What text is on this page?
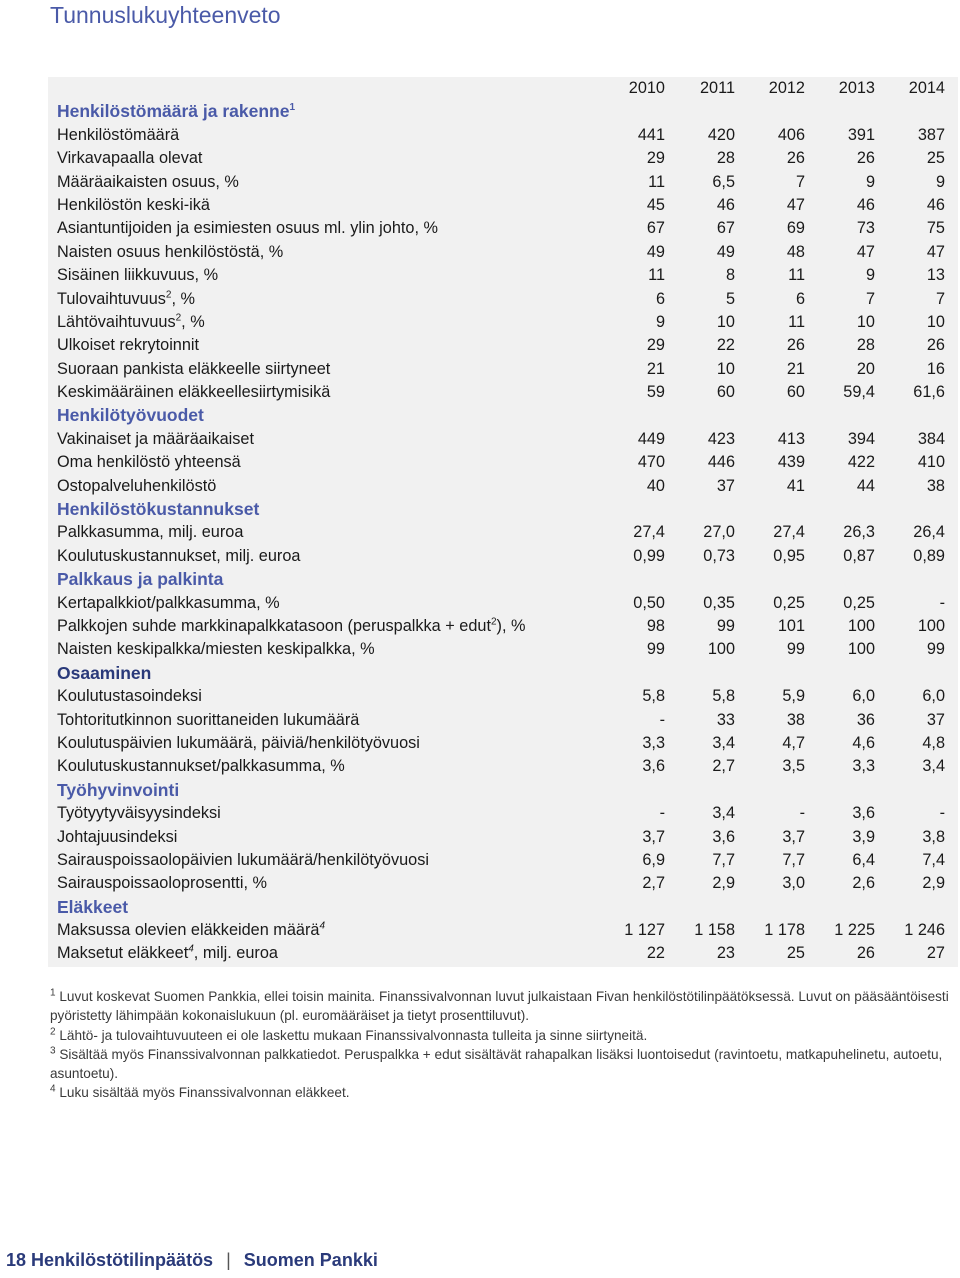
Tunnuslukuyhteenveto
2010	2011	2012	2013	2014
Henkilöstömäärä ja rakenne$^1$
Henkilöstömäärä	441	420	406	391	387
Virkavapaalla olevat	29	28	26	26	25
Määräaikaisten osuus, %	11	6,5	7	9	9
Henkilöstön keski-ikä	45	46	47	46	46
Asiantuntijoiden ja esimiesten osuus ml. ylin johto, %	67	67	69	73	75
Naisten osuus henkilöstöstä, %	49	49	48	47	47
Sisäinen liikkuvuus, %	11	8	11	9	13
Tulovaihtuvuus$^2$, %	6	5	6	7	7
Lähtövaihtuvuus$^2$, %	9	10	11	10	10
Ulkoiset rekrytoinnit	29	22	26	28	26
Suoraan pankista eläkkeelle siirtyneet	21	10	21	20	16
Keskimääräinen eläkkeellesiirtymisikä	59	60	60	59,4	61,6
Henkilötyövuodet
Vakinaiset ja määräaikaiset	449	423	413	394	384
Oma henkilöstö yhteensä	470	446	439	422	410
Ostopalveluhenkilöstö	40	37	41	44	38
Henkilöstökustannukset
Palkkasumma, milj. euroa	27,4	27,0	27,4	26,3	26,4
Koulutuskustannukset, milj. euroa	0,99	0,73	0,95	0,87	0,89
Palkkaus ja palkinta
Kertapalkkiot/palkkasumma, %	0,50	0,35	0,25	0,25	-
Palkkojen suhde markkinapalkkatasoon (peruspalkka + edut$^2$), %	98	99	101	100	100
Naisten keskipalkka/miesten keskipalkka, %	99	100	99	100	99
Osaaminen
Koulutustasoindeksi	5,8	5,8	5,9	6,0	6,0
Tohtoritutkinnon suorittaneiden lukumäärä	-	33	38	36	37
Koulutuspäivien lukumäärä, päiviä/henkilötyövuosi	3,3	3,4	4,7	4,6	4,8
Koulutuskustannukset/palkkasumma, %	3,6	2,7	3,5	3,3	3,4
Työhyvinvointi
Työtyytyväisyysindeksi	-	3,4	-	3,6	-
Johtajuusindeksi	3,7	3,6	3,7	3,9	3,8
Sairauspoissaolopäivien lukumäärä/henkilötyövuosi	6,9	7,7	7,7	6,4	7,4
Sairauspoissaoloprosentti, %	2,7	2,9	3,0	2,6	2,9
Eläkkeet
Maksussa olevien eläkkeiden määrä$^4$	1 127	1 158	1 178	1 225	1 246
Maksetut eläkkeet$^4$, milj. euroa	22	23	25	26	27

$^1$ Luvut koskevat Suomen Pankkia, ellei toisin mainita. Finanssivalvonnan luvut julkaistaan Fivan henkilöstötilinpäätöksessä. Luvut on pääsääntöisesti pyöristetty lähimpään kokonaislukuun (pl. euromääräiset ja tietyt prosenttiluvut).

$^2$ Lähtö- ja tulovaihtuvuuteen ei ole laskettu mukaan Finanssivalvonnasta tulleita ja sinne siirtyneitä.

$^3$ Sisältää myös Finanssivalvonnan palkkatiedot. Peruspalkka + edut sisältävät rahapalkan lisäksi luontoisedut (ravintoetu, matkapuhelinetu, autoetu, asuntoetu).

$^4$ Luku sisältää myös Finanssivalvonnan eläkkeet.

18 Henkilöstötilinpäätös | Suomen Pankki
